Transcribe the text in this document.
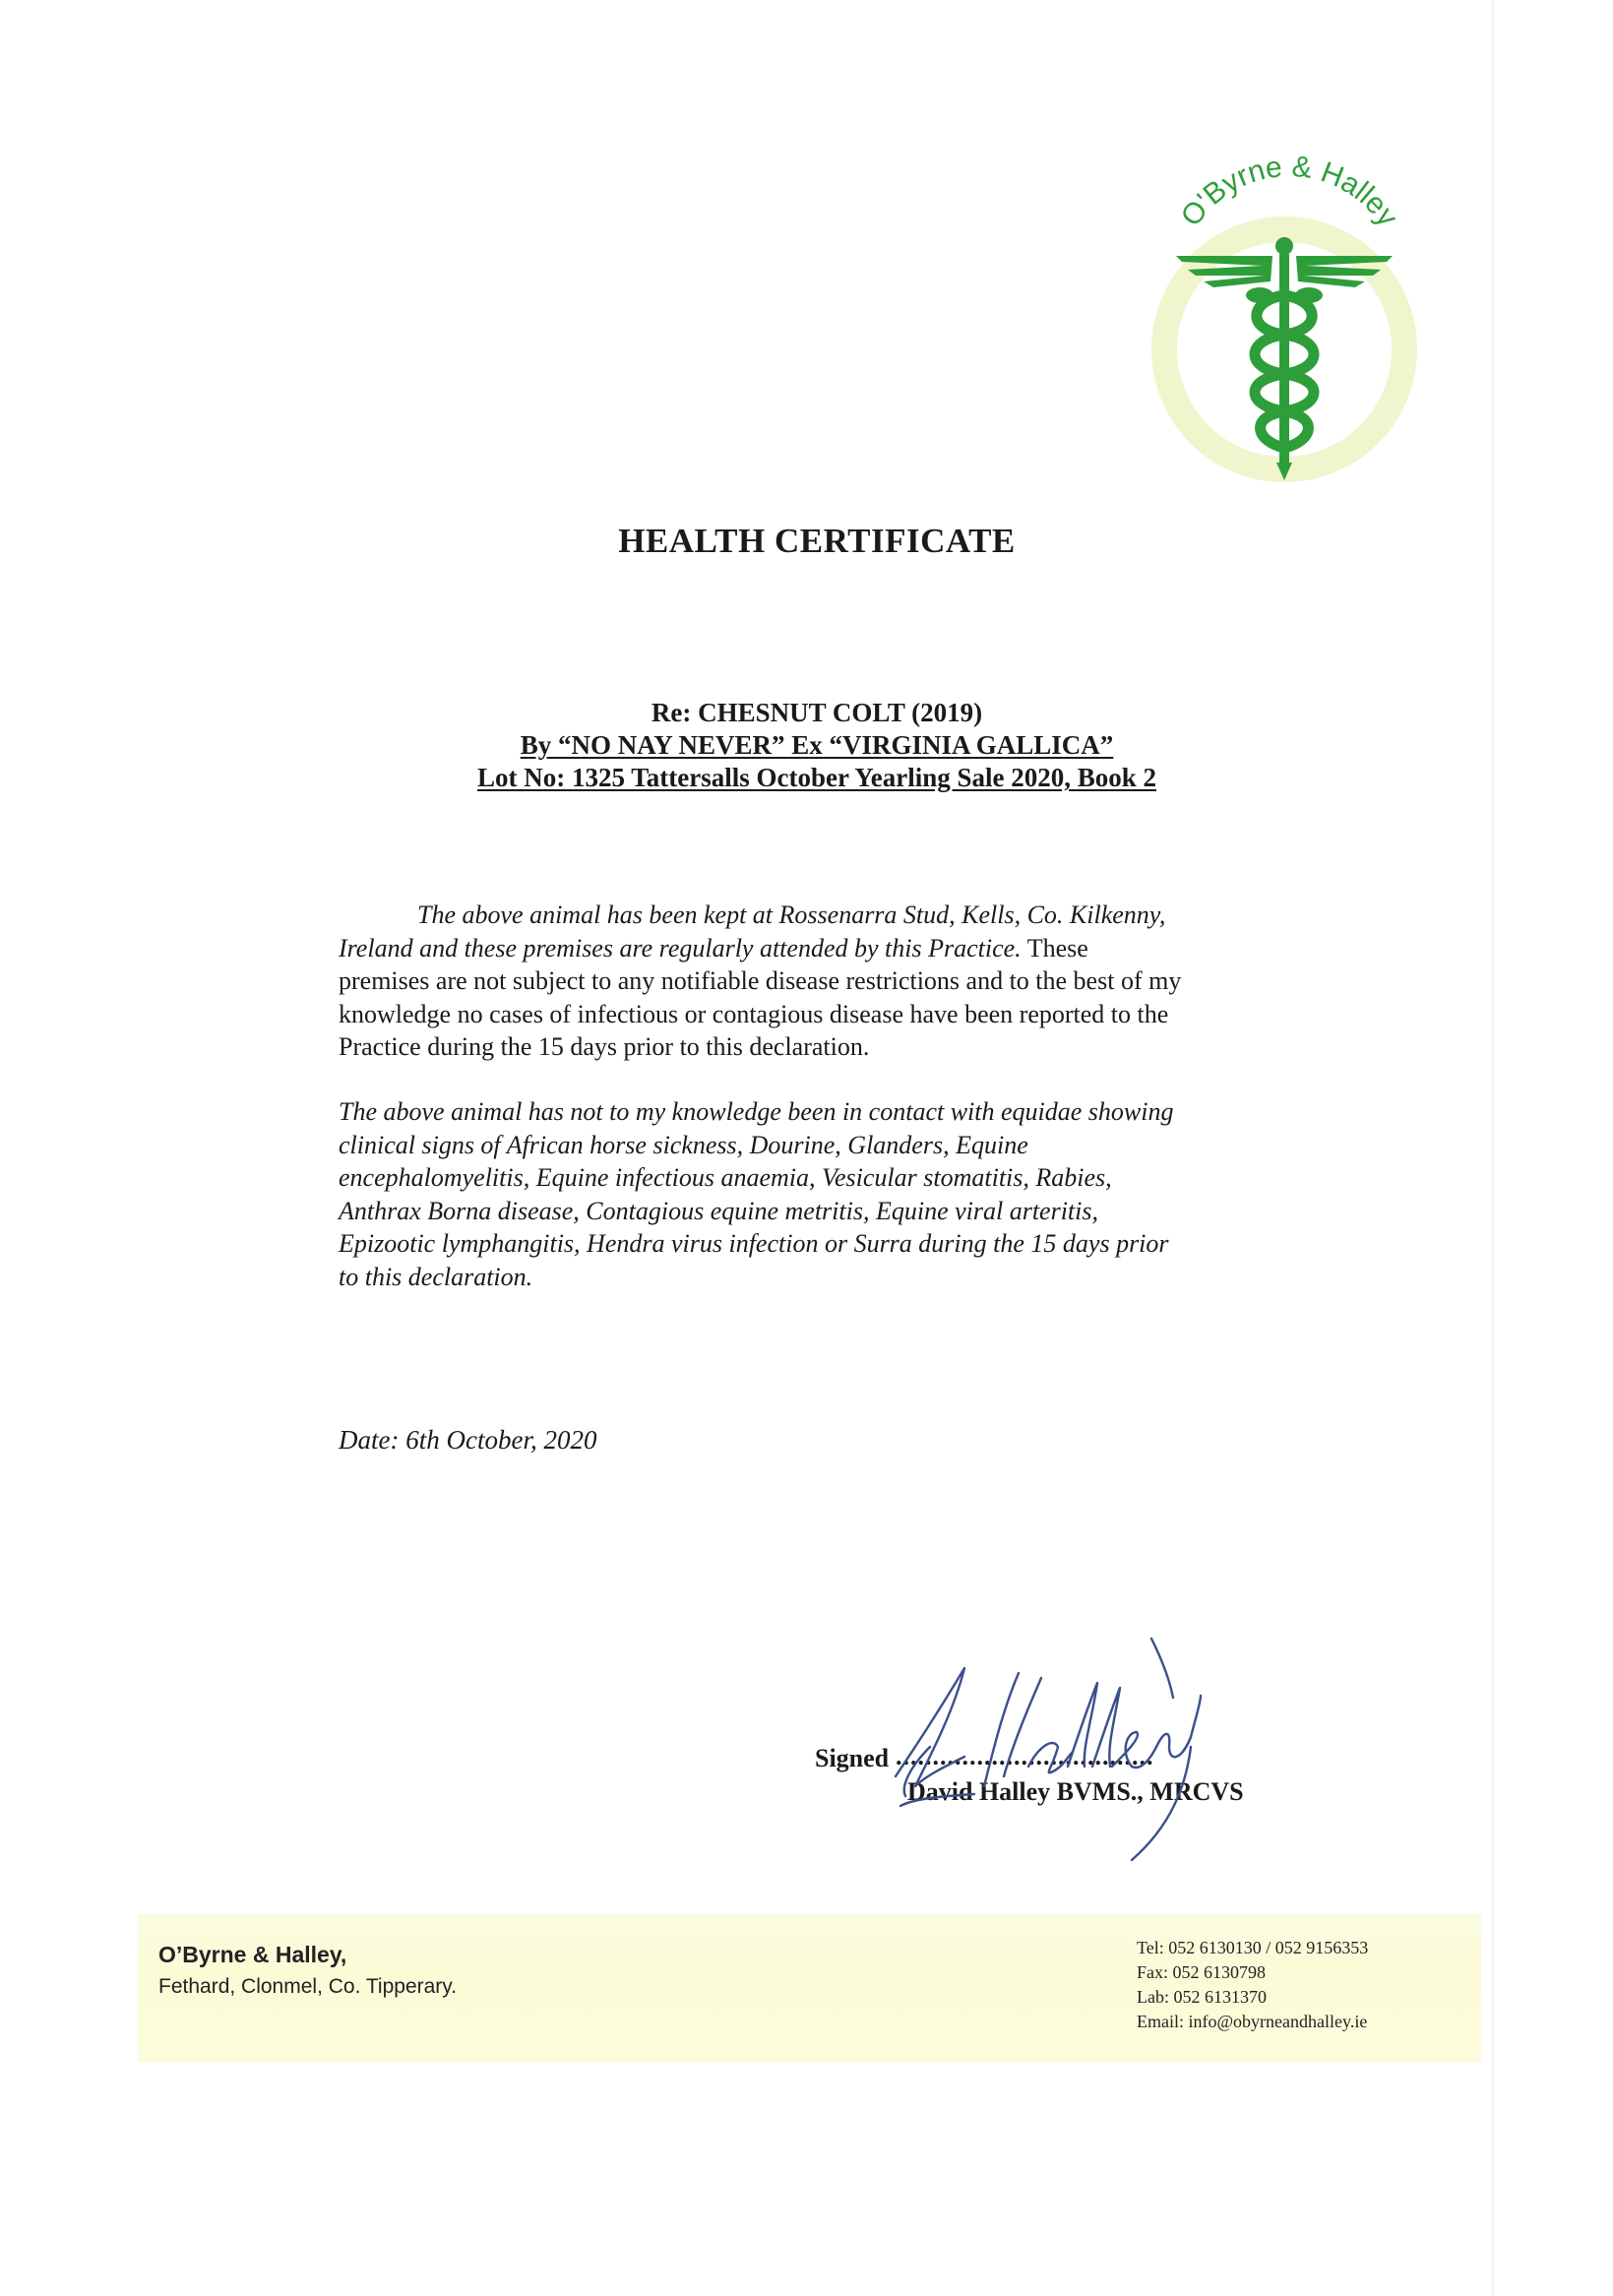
O'Byrne & Halley
HEALTH CERTIFICATE
Re: CHESNUT COLT (2019)
By “NO NAY NEVER” Ex “VIRGINIA GALLICA”
Lot No: 1325 Tattersalls October Yearling Sale 2020, Book 2
The above animal has been kept at Rossenarra Stud, Kells, Co. Kilkenny,
Ireland and these premises are regularly attended by this Practice. These
premises are not subject to any notifiable disease restrictions and to the best of my
knowledge no cases of infectious or contagious disease have been reported to the
Practice during the 15 days prior to this declaration.
The above animal has not to my knowledge been in contact with equidae showing
clinical signs of African horse sickness, Dourine, Glanders, Equine
encephalomyelitis, Equine infectious anaemia, Vesicular stomatitis, Rabies,
Anthrax Borna disease, Contagious equine metritis, Equine viral arteritis,
Epizootic lymphangitis, Hendra virus infection or Surra during the 15 days prior
to this declaration.
Date: 6th October, 2020
Signed ...................................
David Halley BVMS., MRCVS
O’Byrne & Halley,
Fethard, Clonmel, Co. Tipperary.
Tel: 052 6130130 / 052 9156353
Fax: 052 6130798
Lab: 052 6131370
Email: info@obyrneandhalley.ie
